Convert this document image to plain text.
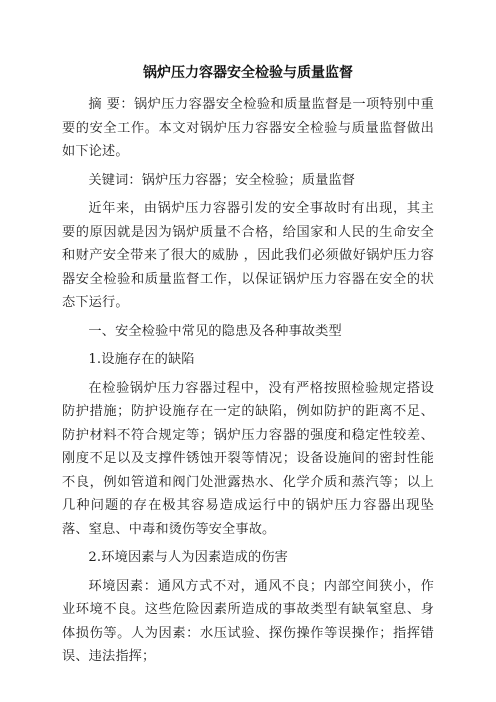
锅炉压力容器安全检验与质量监督

摘 要：锅炉压力容器安全检验和质量监督是一项特别中重要的安全工作。本文对锅炉压力容器安全检验与质量监督做出如下论述。

关键词：锅炉压力容器；安全检验；质量监督

近年来，由锅炉压力容器引发的安全事故时有出现，其主要的原因就是因为锅炉质量不合格，给国家和人民的生命安全和财产安全带来了很大的威胁 ，因此我们必须做好锅炉压力容器安全检验和质量监督工作，以保证锅炉压力容器在安全的状态下运行。

一、安全检验中常见的隐患及各种事故类型

1.设施存在的缺陷

在检验锅炉压力容器过程中，没有严格按照检验规定搭设防护措施；防护设施存在一定的缺陷，例如防护的距离不足、防护材料不符合规定等；锅炉压力容器的强度和稳定性较差、刚度不足以及支撑件锈蚀开裂等情况；设备设施间的密封性能不良，例如管道和阀门处泄露热水、化学介质和蒸汽等；以上几种问题的存在极其容易造成运行中的锅炉压力容器出现坠落、窒息、中毒和烫伤等安全事故。

2.环境因素与人为因素造成的伤害

环境因素：通风方式不对，通风不良；内部空间狭小，作业环境不良。这些危险因素所造成的事故类型有缺氧窒息、身体损伤等。人为因素：水压试验、探伤操作等误操作；指挥错误、违法指挥；
